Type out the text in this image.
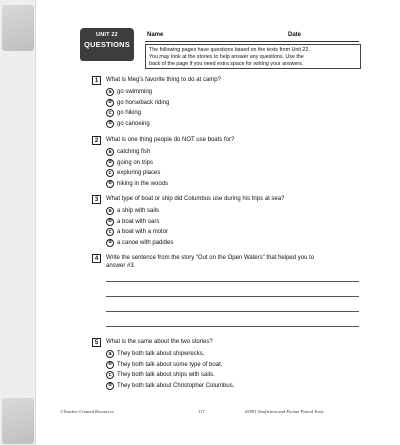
UNIT 22
QUESTIONS
Name	Date
The following pages have questions based on the texts from Unit 22.
You may look at the stories to help answer any questions. Use the
back of the page if you need extra space for writing your answers.
1	What is Meg's favorite thing to do at camp?
a go swimming
b go horseback riding
c go hiking
d go canoeing
2	What is one thing people do NOT use boats for?
a catching fish
b going on trips
c exploring places
d hiking in the woods
3	What type of boat or ship did Columbus use during his trips at sea?
a a ship with sails
b a boat with oars
c a boat with a motor
d a canoe with paddles
4	Write the sentence from the story “Out on the Open Waters” that helped you to
answer #3.
5	What is the same about the two stories?
a They both talk about shipwrecks.
b They both talk about some type of boat.
c They both talk about ships with sails.
d They both talk about Christopher Columbus.
©Teacher Created Resources	117	#3991 Nonfiction and Fiction Paired Texts
